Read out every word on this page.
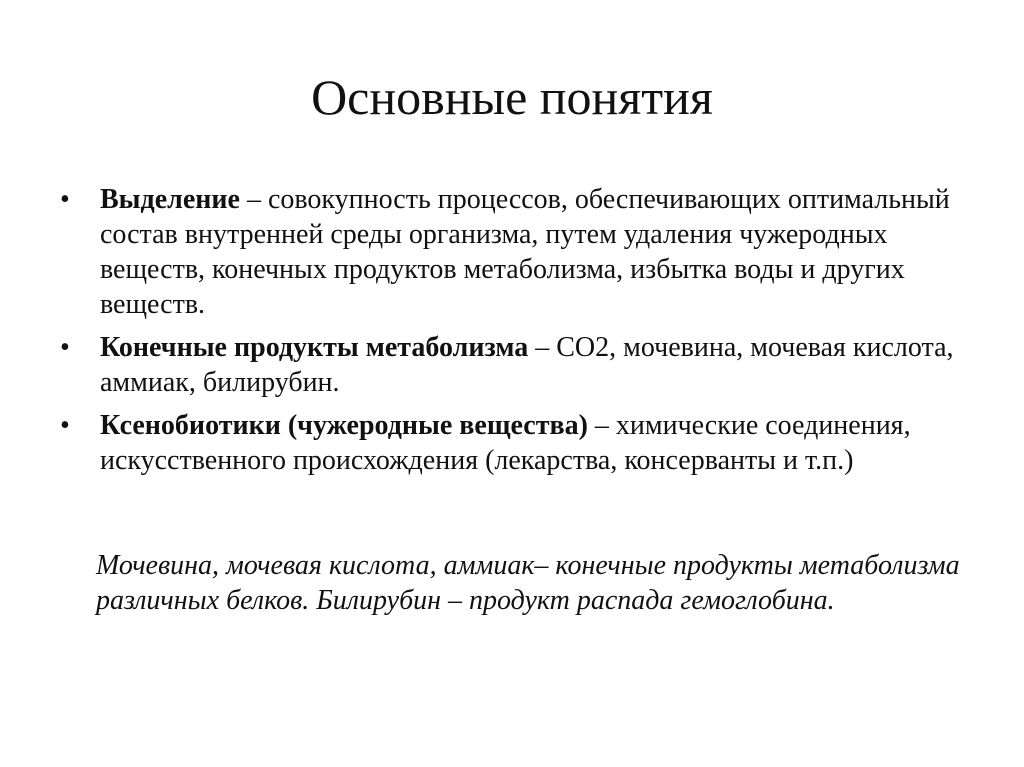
Основные понятия
•	Выделение – совокупность процессов, обеспечивающих оптимальный состав внутренней среды организма, путем удаления чужеродных веществ, конечных продуктов метаболизма, избытка воды и других веществ.
•	Конечные продукты метаболизма – СО2, мочевина, мочевая кислота, аммиак, билирубин.
•	Ксенобиотики (чужеродные вещества) – химические соединения, искусственного происхождения (лекарства, консерванты и т.п.)
Мочевина, мочевая кислота, аммиак– конечные продукты метаболизма различных белков. Билирубин – продукт распада гемоглобина.
